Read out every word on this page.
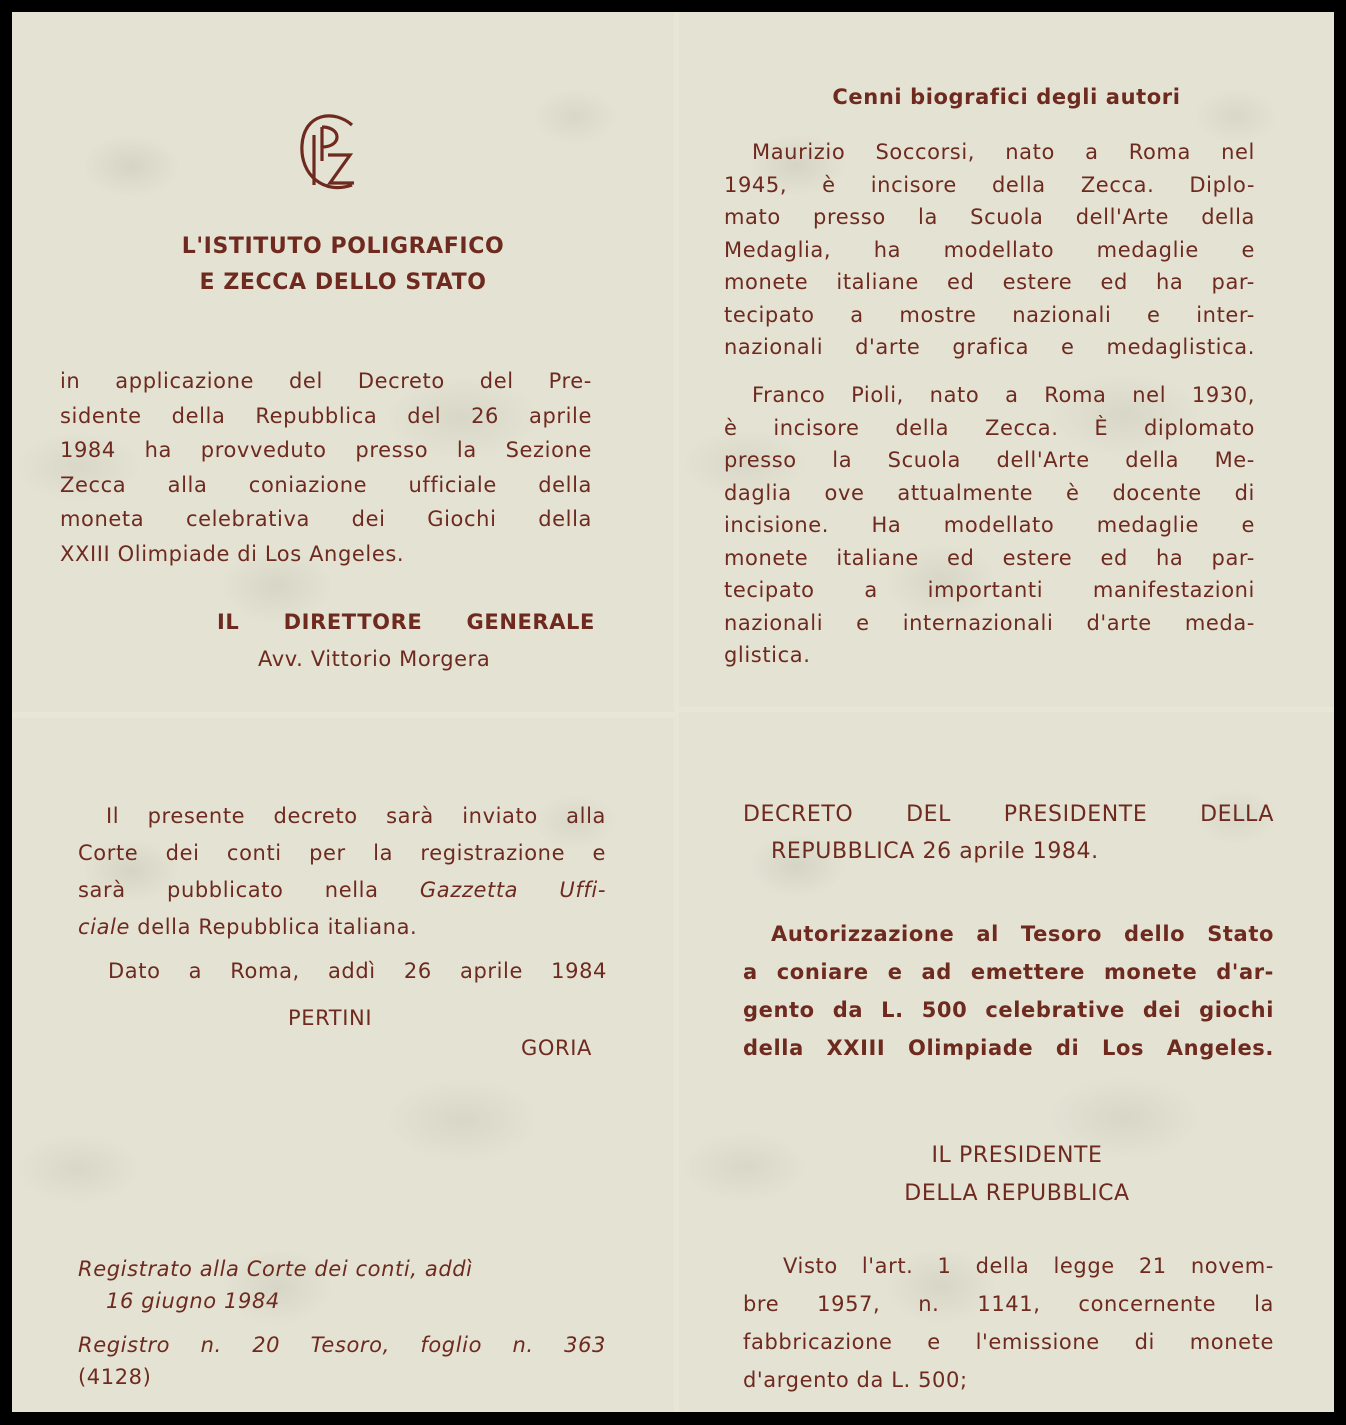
L'ISTITUTO POLIGRAFICO
E ZECCA DELLO STATO
in applicazione del Decreto del Pre-
sidente della Repubblica del 26 aprile
1984 ha provveduto presso la Sezione
Zecca alla coniazione ufficiale della
moneta celebrativa dei Giochi della
XXIII Olimpiade di Los Angeles.
IL DIRETTORE GENERALE
Avv. Vittorio Morgera
Cenni biografici degli autori
Maurizio Soccorsi, nato a Roma nel
1945, è incisore della Zecca. Diplo-
mato presso la Scuola dell'Arte della
Medaglia, ha modellato medaglie e
monete italiane ed estere ed ha par-
tecipato a mostre nazionali e inter-
nazionali d'arte grafica e medaglistica.
Franco Pioli, nato a Roma nel 1930,
è incisore della Zecca. È diplomato
presso la Scuola dell'Arte della Me-
daglia ove attualmente è docente di
incisione. Ha modellato medaglie e
monete italiane ed estere ed ha par-
tecipato a importanti manifestazioni
nazionali e internazionali d'arte meda-
glistica.
Il presente decreto sarà inviato alla
Corte dei conti per la registrazione e
sarà pubblicato nella Gazzetta Uffi-
ciale della Repubblica italiana.
Dato a Roma, addì 26 aprile 1984
PERTINI
GORIA
Registrato alla Corte dei conti, addì
16 giugno 1984
Registro n. 20 Tesoro, foglio n. 363
(4128)
DECRETO DEL PRESIDENTE DELLA
REPUBBLICA 26 aprile 1984.
Autorizzazione al Tesoro dello Stato
a coniare e ad emettere monete d'ar-
gento da L. 500 celebrative dei giochi
della XXIII Olimpiade di Los Angeles.
IL PRESIDENTE
DELLA REPUBBLICA
Visto l'art. 1 della legge 21 novem-
bre 1957, n. 1141, concernente la
fabbricazione e l'emissione di monete
d'argento da L. 500;
